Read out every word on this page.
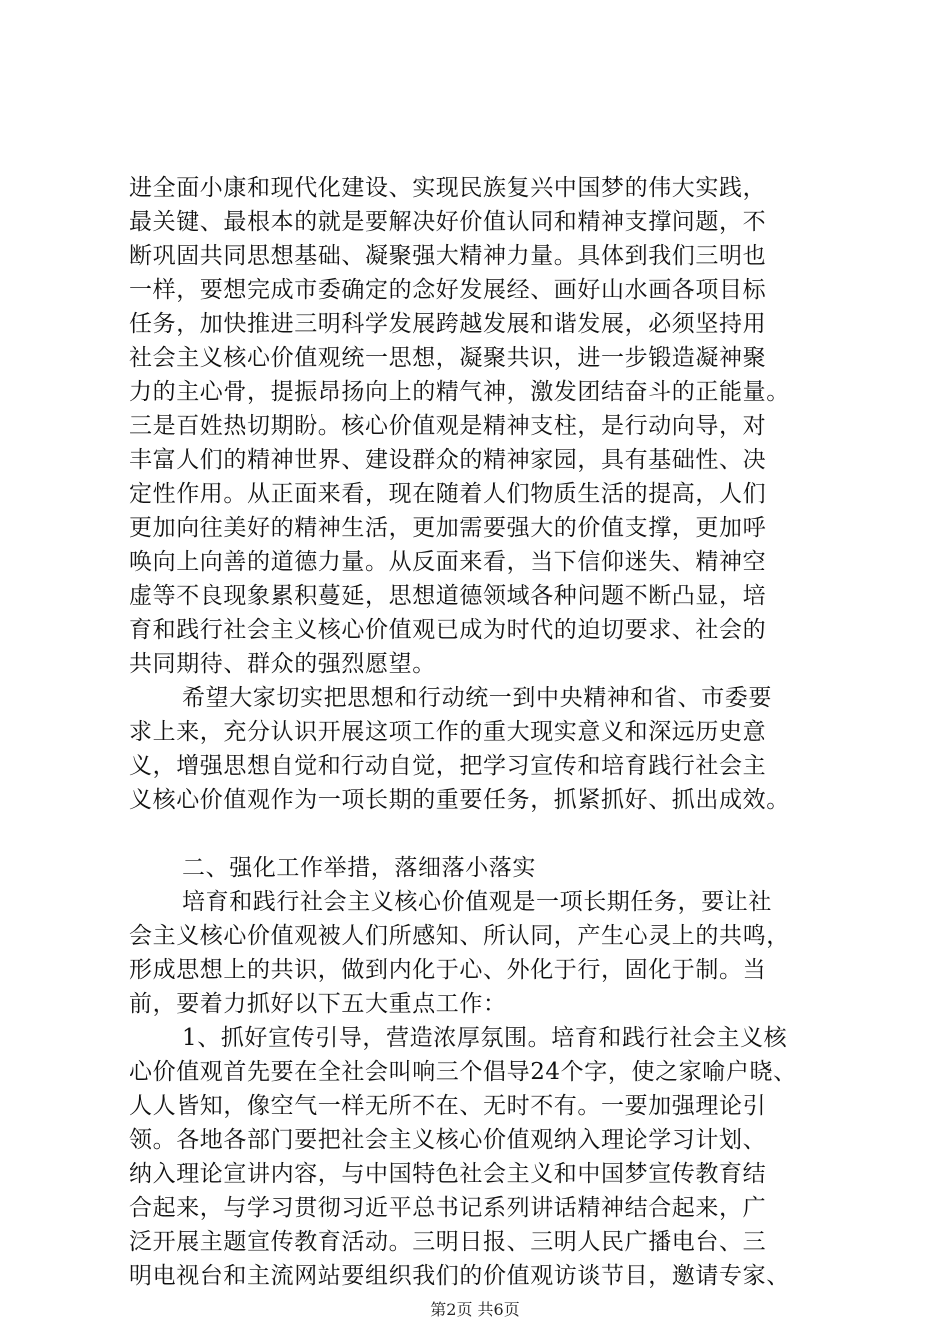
进全面小康和现代化建设、实现民族复兴中国梦的伟大实践，
最关键、最根本的就是要解决好价值认同和精神支撑问题，不
断巩固共同思想基础、凝聚强大精神力量。具体到我们三明也
一样，要想完成市委确定的念好发展经、画好山水画各项目标
任务，加快推进三明科学发展跨越发展和谐发展，必须坚持用
社会主义核心价值观统一思想，凝聚共识，进一步锻造凝神聚
力的主心骨，提振昂扬向上的精气神，激发团结奋斗的正能量。
三是百姓热切期盼。核心价值观是精神支柱，是行动向导，对
丰富人们的精神世界、建设群众的精神家园，具有基础性、决
定性作用。从正面来看，现在随着人们物质生活的提高，人们
更加向往美好的精神生活，更加需要强大的价值支撑，更加呼
唤向上向善的道德力量。从反面来看，当下信仰迷失、精神空
虚等不良现象累积蔓延，思想道德领域各种问题不断凸显，培
育和践行社会主义核心价值观已成为时代的迫切要求、社会的
共同期待、群众的强烈愿望。
希望大家切实把思想和行动统一到中央精神和省、市委要
求上来，充分认识开展这项工作的重大现实意义和深远历史意
义，增强思想自觉和行动自觉，把学习宣传和培育践行社会主
义核心价值观作为一项长期的重要任务，抓紧抓好、抓出成效。
二、强化工作举措，落细落小落实
培育和践行社会主义核心价值观是一项长期任务，要让社
会主义核心价值观被人们所感知、所认同，产生心灵上的共鸣，
形成思想上的共识，做到内化于心、外化于行，固化于制。当
前，要着力抓好以下五大重点工作：
1、抓好宣传引导，营造浓厚氛围。培育和践行社会主义核
心价值观首先要在全社会叫响三个倡导24个字，使之家喻户晓、
人人皆知，像空气一样无所不在、无时不有。一要加强理论引
领。各地各部门要把社会主义核心价值观纳入理论学习计划、
纳入理论宣讲内容，与中国特色社会主义和中国梦宣传教育结
合起来，与学习贯彻习近平总书记系列讲话精神结合起来，广
泛开展主题宣传教育活动。三明日报、三明人民广播电台、三
明电视台和主流网站要组织我们的价值观访谈节目，邀请专家、
第2页 共6页
